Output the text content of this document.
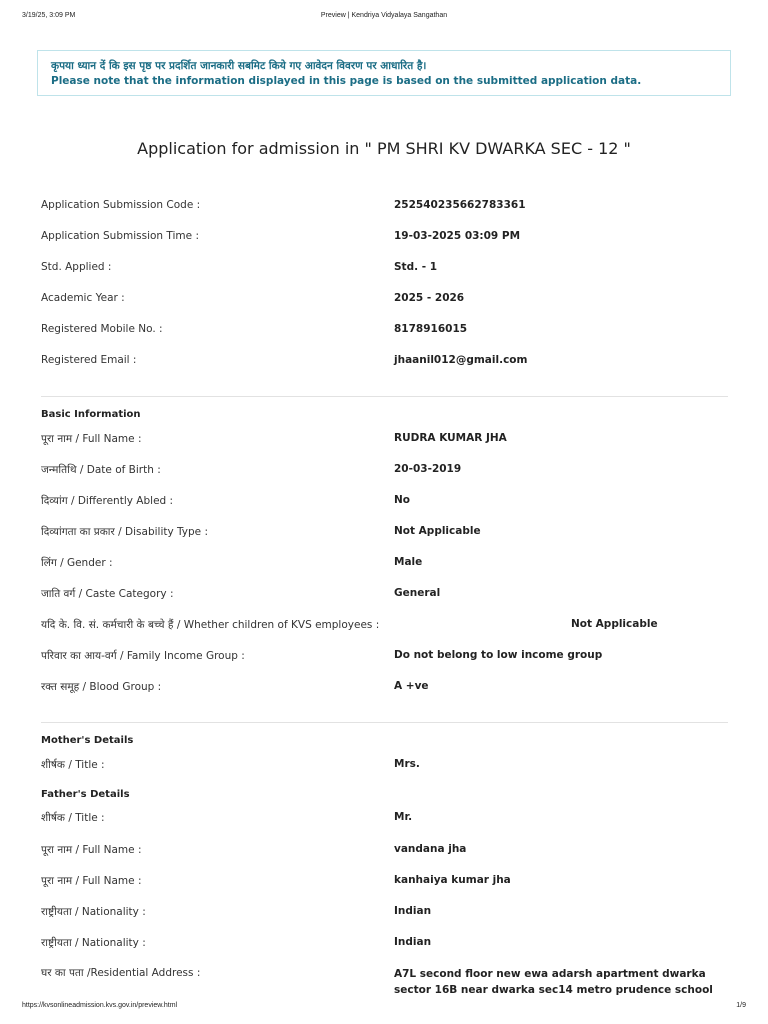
3/19/25, 3:09 PM	Preview | Kendriya Vidyalaya Sangathan
कृपया ध्यान दें कि इस पृष्ठ पर प्रदर्शित जानकारी सबमिट किये गए आवेदन विवरण पर आधारित है।
Please note that the information displayed in this page is based on the submitted application data.
Application for admission in " PM SHRI KV DWARKA SEC - 12 "
Application Submission Code :	252540235662783361
Application Submission Time :	19-03-2025 03:09 PM
Std. Applied :	Std. - 1
Academic Year :	2025 - 2026
Registered Mobile No. :	8178916015
Registered Email :	jhaanil012@gmail.com
Basic Information
पूरा नाम / Full Name :	RUDRA KUMAR JHA
जन्मतिथि / Date of Birth :	20-03-2019
दिव्यांग / Differently Abled :	No
दिव्यांगता का प्रकार / Disability Type :	Not Applicable
लिंग / Gender :	Male
जाति वर्ग / Caste Category :	General
यदि के. वि. सं. कर्मचारी के बच्चे हैं / Whether children of KVS employees :	Not Applicable
परिवार का आय-वर्ग / Family Income Group :	Do not belong to low income group
रक्त समूह / Blood Group :	A +ve
Mother's Details
शीर्षक / Title :	Mrs.
Father's Details
शीर्षक / Title :	Mr.
पूरा नाम / Full Name :	vandana jha
पूरा नाम / Full Name :	kanhaiya kumar jha
राष्ट्रीयता / Nationality :	Indian
राष्ट्रीयता / Nationality :	Indian
घर का पता /Residential Address :	A7L second floor new ewa adarsh apartment dwarka sector 16B near dwarka sec14 metro prudence school
https://kvsonlineadmission.kvs.gov.in/preview.html	1/9
